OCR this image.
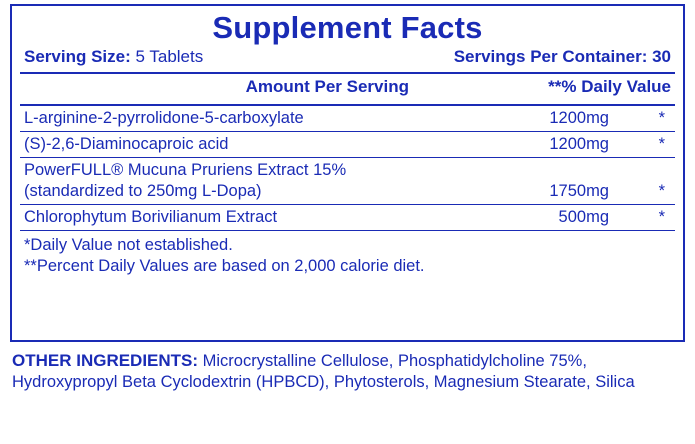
Supplement Facts
Serving Size: 5 Tablets	Servings Per Container: 30
Amount Per Serving	**% Daily Value
L-arginine-2-pyrrolidone-5-carboxylate	1200mg	*
(S)-2,6-Diaminocaproic acid	1200mg	*
PowerFULL® Mucuna Pruriens Extract 15%
(standardized to 250mg L-Dopa)	1750mg	*
Chlorophytum Borivilianum Extract	500mg	*
*Daily Value not established.
**Percent Daily Values are based on 2,000 calorie diet.
OTHER INGREDIENTS: Microcrystalline Cellulose, Phosphatidylcholine 75%, Hydroxypropyl Beta Cyclodextrin (HPBCD), Phytosterols, Magnesium Stearate, Silica
